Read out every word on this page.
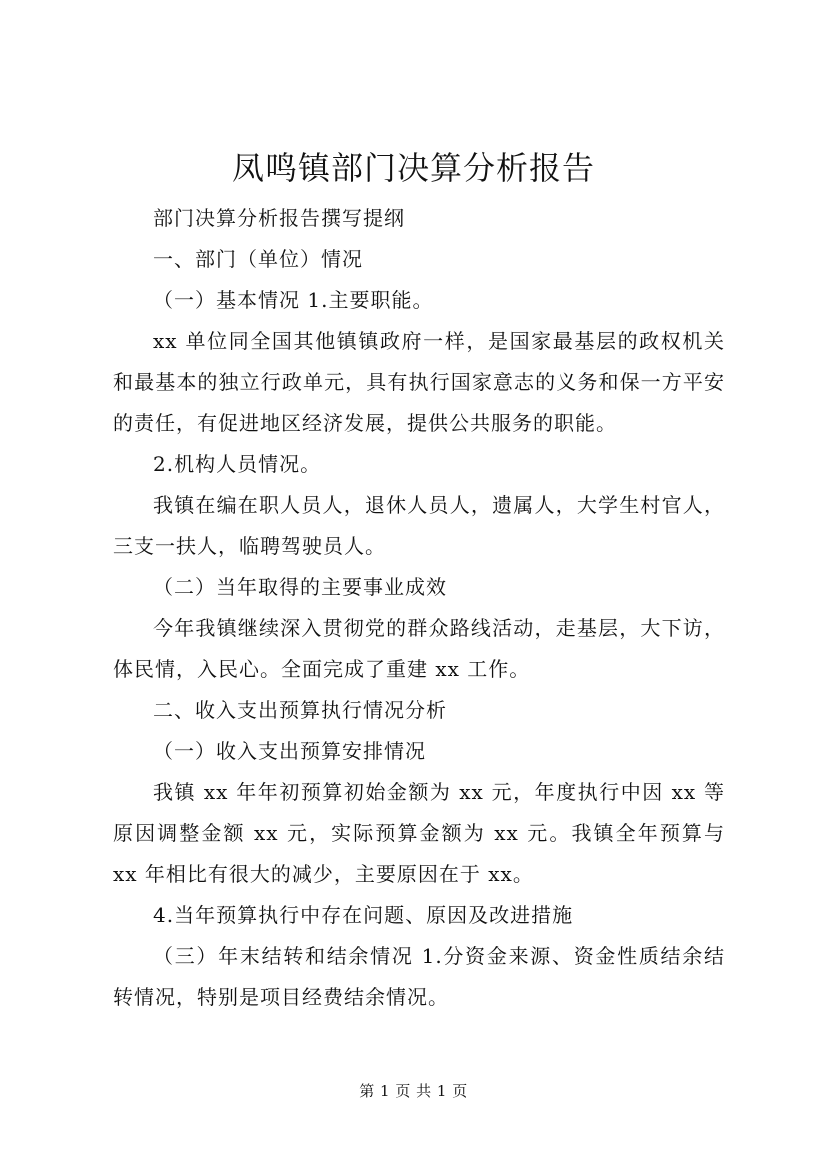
凤鸣镇部门决算分析报告

部门决算分析报告撰写提纲

一、部门（单位）情况

（一）基本情况 1.主要职能。

xx 单位同全国其他镇镇政府一样，是国家最基层的政权机关和最基本的独立行政单元，具有执行国家意志的义务和保一方平安的责任，有促进地区经济发展，提供公共服务的职能。

2.机构人员情况。

我镇在编在职人员人，退休人员人，遗属人，大学生村官人，三支一扶人，临聘驾驶员人。

（二）当年取得的主要事业成效

今年我镇继续深入贯彻党的群众路线活动，走基层，大下访，体民情，入民心。全面完成了重建 xx 工作。

二、收入支出预算执行情况分析

（一）收入支出预算安排情况

我镇 xx 年年初预算初始金额为 xx 元，年度执行中因 xx 等原因调整金额 xx 元，实际预算金额为 xx 元。我镇全年预算与 xx 年相比有很大的减少，主要原因在于 xx。

4.当年预算执行中存在问题、原因及改进措施

（三）年末结转和结余情况 1.分资金来源、资金性质结余结转情况，特别是项目经费结余情况。

第 1 页 共 1 页
